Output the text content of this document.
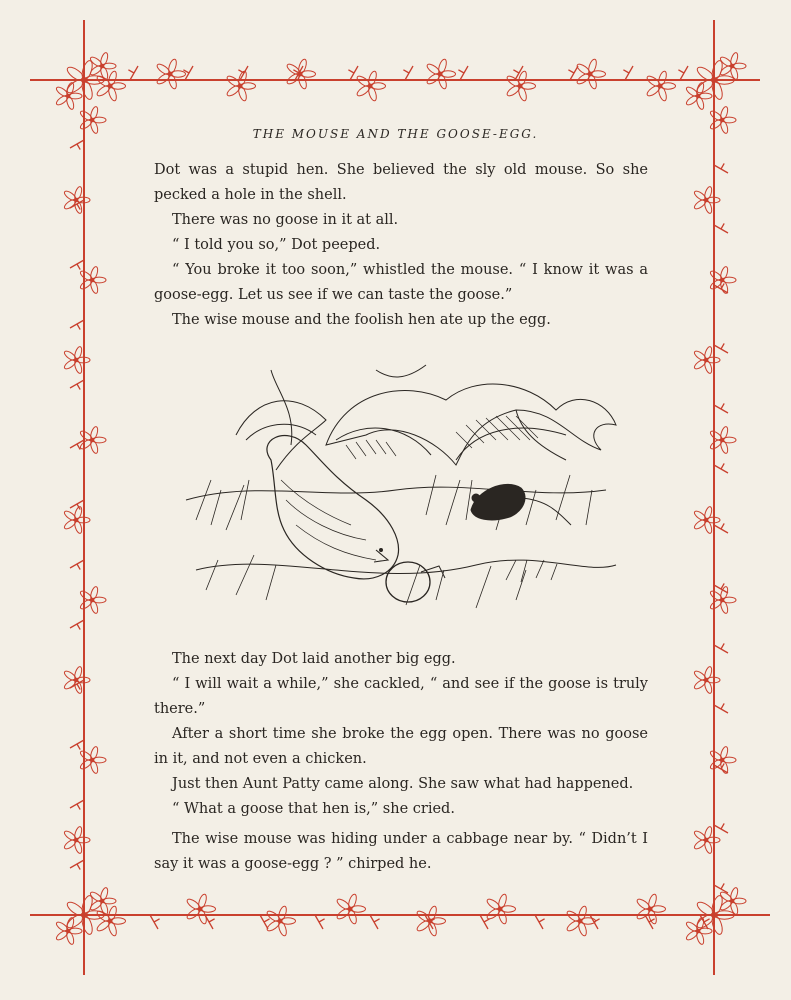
THE MOUSE AND THE GOOSE-EGG.
Dot was a stupid hen. She believed the sly old mouse. So she pecked a hole in the shell.
There was no goose in it at all.
“ I told you so,” Dot peeped.
“ You broke it too soon,” whistled the mouse. “ I know it was a goose-egg. Let us see if we can taste the goose.”
The wise mouse and the foolish hen ate up the egg.
The next day Dot laid another big egg.
“ I will wait a while,” she cackled, “ and see if the goose is truly there.”
After a short time she broke the egg open. There was no goose in it, and not even a chicken.
Just then Aunt Patty came along. She saw what had happened.
“ What a goose that hen is,” she cried.
The wise mouse was hiding under a cabbage near by. “ Didn’t I say it was a goose-egg ? ” chirped he.
